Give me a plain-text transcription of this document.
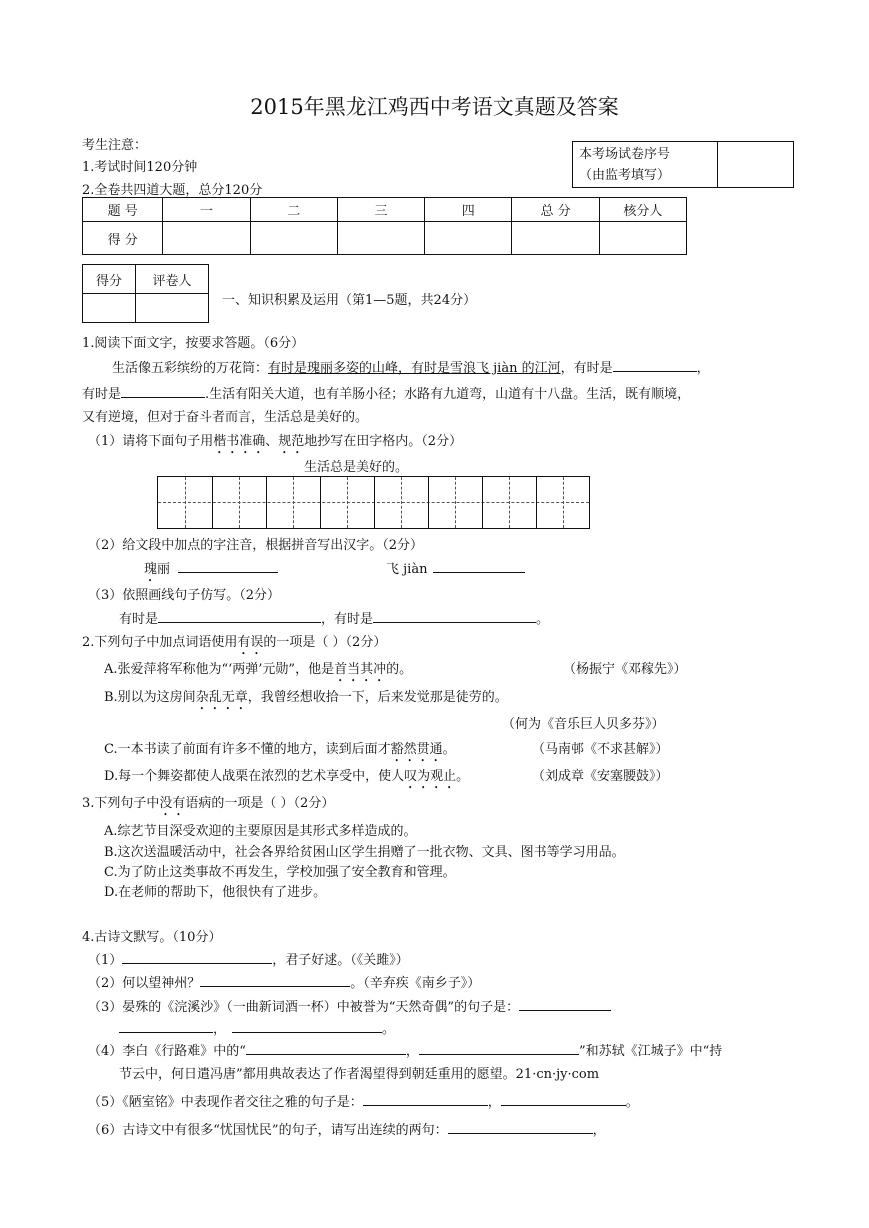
2015年黑龙江鸡西中考语文真题及答案
考生注意：
1.考试时间120分钟
2.全卷共四道大题，总分120分
本考场试卷序号
（由监考填写）

题 号	一	二	三	四	总 分	核分人
得 分						
得分	评卷人

一、知识积累及运用（第1—5题，共24分）
1.阅读下面文字，按要求答题。（6分）
生活像五彩缤纷的万花筒：有时是瑰丽多姿的山峰，有时是雪浪飞 jiàn 的江河，有时是	，
有时是	.生活有阳关大道，也有羊肠小径；水路有九道弯，山道有十八盘。生活，既有顺境，
又有逆境，但对于奋斗者而言，生活总是美好的。
（1）请将下面句子用楷书准确、规范地抄写在田字格内。（2分）
生活总是美好的。
（2）给文段中加点的字注音，根据拼音写出汉字。（2分）
瑰丽	飞 jiàn
（3）依照画线句子仿写。（2分）
有时是	，有时是	。
2.下列句子中加点词语使用有误的一项是（ ）（2分）
A.张爱萍将军称他为“‘两弹’元勋”，他是首当其冲的。	（杨振宁《邓稼先》）
B.别以为这房间杂乱无章，我曾经想收拾一下，后来发觉那是徒劳的。
（何为《音乐巨人贝多芬》）
C.一本书读了前面有许多不懂的地方，读到后面才豁然贯通。	（马南邨《不求甚解》）
D.每一个舞姿都使人战栗在浓烈的艺术享受中，使人叹为观止。	（刘成章《安塞腰鼓》）
3.下列句子中没有语病的一项是（ ）（2分）
A.综艺节目深受欢迎的主要原因是其形式多样造成的。
B.这次送温暖活动中，社会各界给贫困山区学生捐赠了一批衣物、文具、图书等学习用品。
C.为了防止这类事故不再发生，学校加强了安全教育和管理。
D.在老师的帮助下，他很快有了进步。
4.古诗文默写。（10分）
（1）	，君子好逑。（《关雎》）
（2）何以望神州？	。（辛弃疾《南乡子》）
（3）晏殊的《浣溪沙》（一曲新词酒一杯）中被誉为“天然奇偶”的句子是：
，	。
（4）李白《行路难》中的“	，	”和苏轼《江城子》中“持
节云中，何日遣冯唐”都用典故表达了作者渴望得到朝廷重用的愿望。21·cn·jy·com
（5）《陋室铭》中表现作者交往之雅的句子是：	，	。
（6）古诗文中有很多“忧国忧民”的句子，请写出连续的两句：	，
